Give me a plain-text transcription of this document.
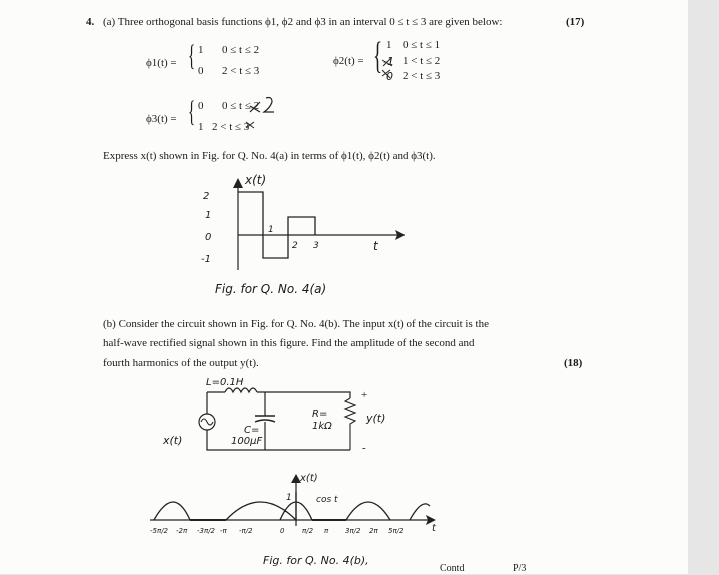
4. (a) Three orthogonal basis functions ϕ1, ϕ2 and ϕ3 in an interval 0 ≤ t ≤ 3 are given below:	(17)
ϕ1(t) = { 1 0 ≤ t ≤ 2
0 2 < t ≤ 3
ϕ2(t) = { 1 0 ≤ t ≤ 1
-1 1 < t ≤ 2
0 2 < t ≤ 3
ϕ3(t) = { 0 0 ≤ t ≤ 2
1 2 < t ≤ 3
Express x(t) shown in Fig. for Q. No. 4(a) in terms of ϕ1(t), ϕ2(t) and ϕ3(t).
x(t)
2
1
0
-1
1
2 3	t
Fig. for Q. No. 4(a)
(b) Consider the circuit shown in Fig. for Q. No. 4(b). The input x(t) of the circuit is the
half-wave rectified signal shown in this figure. Find the amplitude of the second and
fourth harmonics of the output y(t).	(18)
L=0.1H
C=
100μF
R=
1kΩ
x(t)
y(t)
+
-
x(t)
1	cos t
-5π/2 -2π -3π/2 -π -π/2	0	π/2 π 3π/2 2π 5π/2	t
Fig. for Q. No. 4(b),
Contd	P/3
